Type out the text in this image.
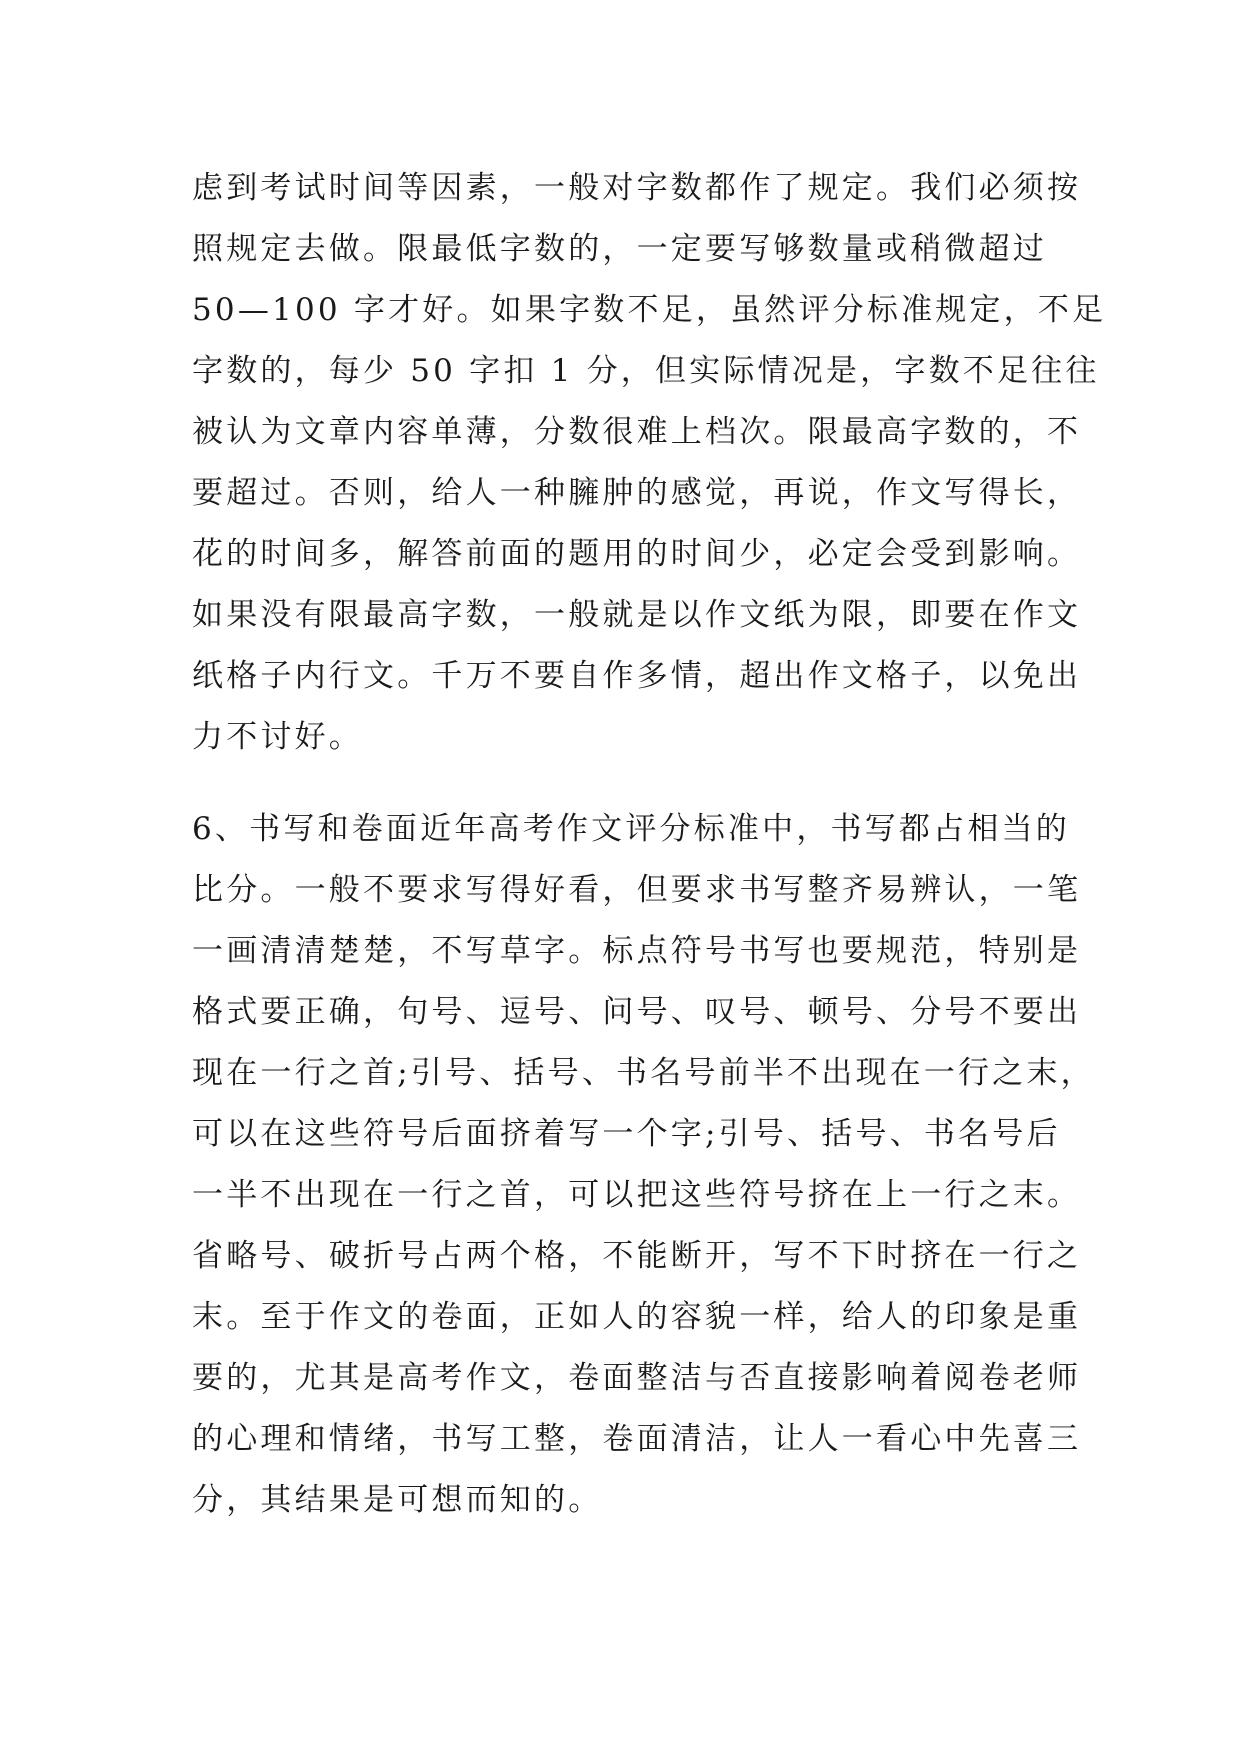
虑到考试时间等因素，一般对字数都作了规定。我们必须按
照规定去做。限最低字数的，一定要写够数量或稍微超过
50—100 字才好。如果字数不足，虽然评分标准规定，不足
字数的，每少 50 字扣 1 分，但实际情况是，字数不足往往
被认为文章内容单薄，分数很难上档次。限最高字数的，不
要超过。否则，给人一种臃肿的感觉，再说，作文写得长，
花的时间多，解答前面的题用的时间少，必定会受到影响。
如果没有限最高字数，一般就是以作文纸为限，即要在作文
纸格子内行文。千万不要自作多情，超出作文格子，以免出
力不讨好。
6、书写和卷面近年高考作文评分标准中，书写都占相当的
比分。一般不要求写得好看，但要求书写整齐易辨认，一笔
一画清清楚楚，不写草字。标点符号书写也要规范，特别是
格式要正确，句号、逗号、问号、叹号、顿号、分号不要出
现在一行之首;引号、括号、书名号前半不出现在一行之末，
可以在这些符号后面挤着写一个字;引号、括号、书名号后
一半不出现在一行之首，可以把这些符号挤在上一行之末。
省略号、破折号占两个格，不能断开，写不下时挤在一行之
末。至于作文的卷面，正如人的容貌一样，给人的印象是重
要的，尤其是高考作文，卷面整洁与否直接影响着阅卷老师
的心理和情绪，书写工整，卷面清洁，让人一看心中先喜三
分，其结果是可想而知的。
